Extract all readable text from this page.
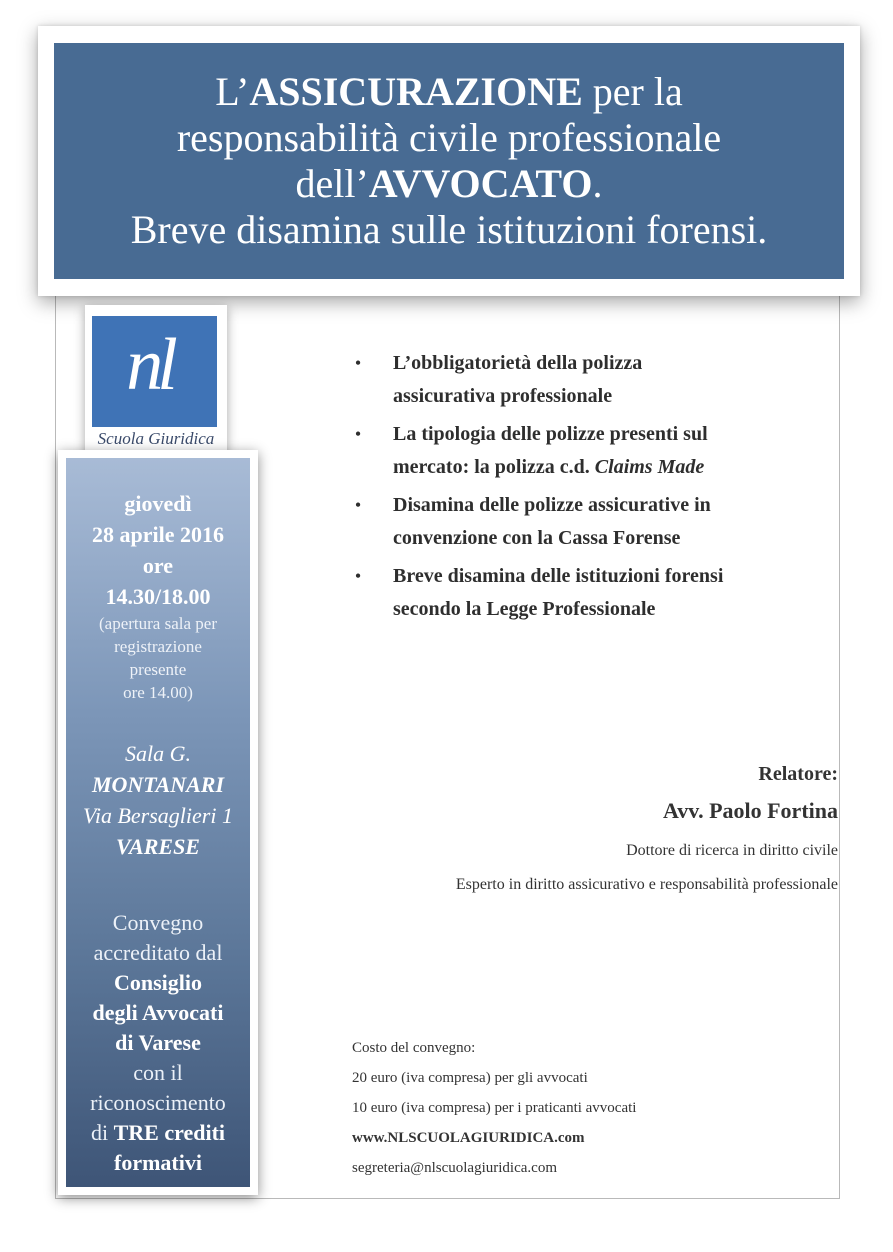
L’ASSICURAZIONE per la
responsabilità civile professionale
dell’AVVOCATO.
Breve disamina sulle istituzioni forensi.
nl
Scuola Giuridica
giovedì
28 aprile 2016
ore
14.30/18.00
(apertura sala per
registrazione
presente
ore 14.00)
Sala G.
MONTANARI
Via Bersaglieri 1
VARESE
Convegno
accreditato dal
Consiglio
degli Avvocati
di Varese
con il
riconoscimento
di TRE crediti
formativi
•	L’obbligatorietà della polizza
assicurativa professionale
•	La tipologia delle polizze presenti sul
mercato: la polizza c.d. Claims Made
•	Disamina delle polizze assicurative in
convenzione con la Cassa Forense
•	Breve disamina delle istituzioni forensi
secondo la Legge Professionale
Relatore:
Avv. Paolo Fortina
Dottore di ricerca in diritto civile
Esperto in diritto assicurativo e responsabilità professionale
Costo del convegno:
20 euro (iva compresa) per gli avvocati
10 euro (iva compresa) per i praticanti avvocati
www.NLSCUOLAGIURIDICA.com
segreteria@nlscuolagiuridica.com
